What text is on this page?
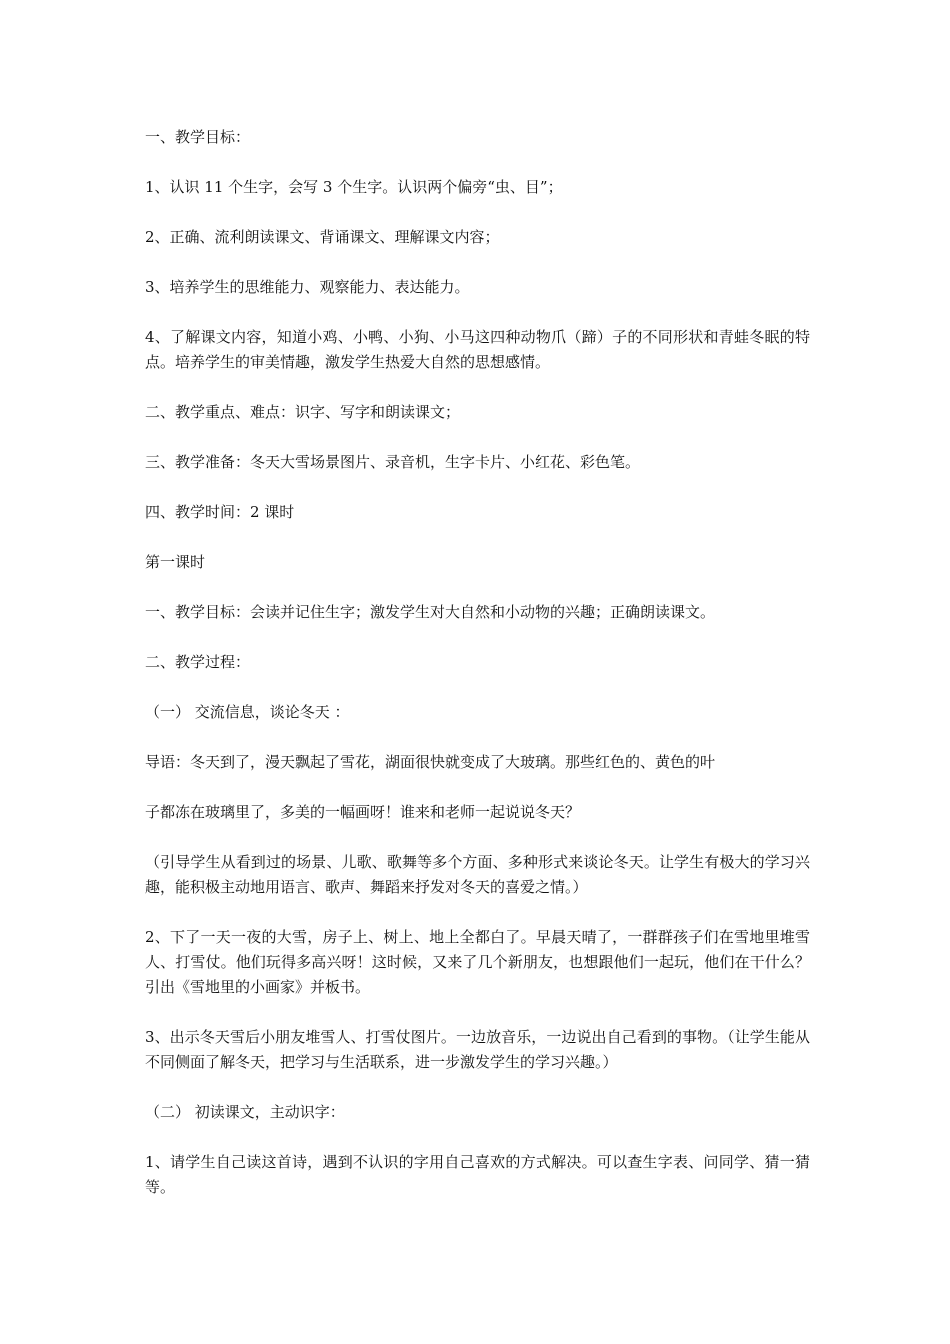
一、教学目标：

1、认识 11 个生字，会写 3 个生字。认识两个偏旁“虫、目”；

2、正确、流利朗读课文、背诵课文、理解课文内容；

3、培养学生的思维能力、观察能力、表达能力。

4、了解课文内容，知道小鸡、小鸭、小狗、小马这四种动物爪（蹄）子的不同形状和青蛙冬眠的特点。培养学生的审美情趣，激发学生热爱大自然的思想感情。

二、教学重点、难点：识字、写字和朗读课文；

三、教学准备：冬天大雪场景图片、录音机，生字卡片、小红花、彩色笔。

四、教学时间：2 课时

第一课时

一、教学目标：会读并记住生字；激发学生对大自然和小动物的兴趣；正确朗读课文。

二、教学过程：

（一） 交流信息，谈论冬天 ：

导语：冬天到了，漫天飘起了雪花，湖面很快就变成了大玻璃。那些红色的、黄色的叶

子都冻在玻璃里了，多美的一幅画呀！谁来和老师一起说说冬天？

（引导学生从看到过的场景、儿歌、歌舞等多个方面、多种形式来谈论冬天。让学生有极大的学习兴趣，能积极主动地用语言、歌声、舞蹈来抒发对冬天的喜爱之情。）

2、下了一天一夜的大雪，房子上、树上、地上全都白了。早晨天晴了，一群群孩子们在雪地里堆雪人、打雪仗。他们玩得多高兴呀！这时候，又来了几个新朋友，也想跟他们一起玩，他们在干什么？引出《雪地里的小画家》并板书。

3、出示冬天雪后小朋友堆雪人、打雪仗图片。一边放音乐，一边说出自己看到的事物。（让学生能从不同侧面了解冬天，把学习与生活联系，进一步激发学生的学习兴趣。）

（二） 初读课文，主动识字：

1、请学生自己读这首诗，遇到不认识的字用自己喜欢的方式解决。可以查生字表、问同学、猜一猜等。
